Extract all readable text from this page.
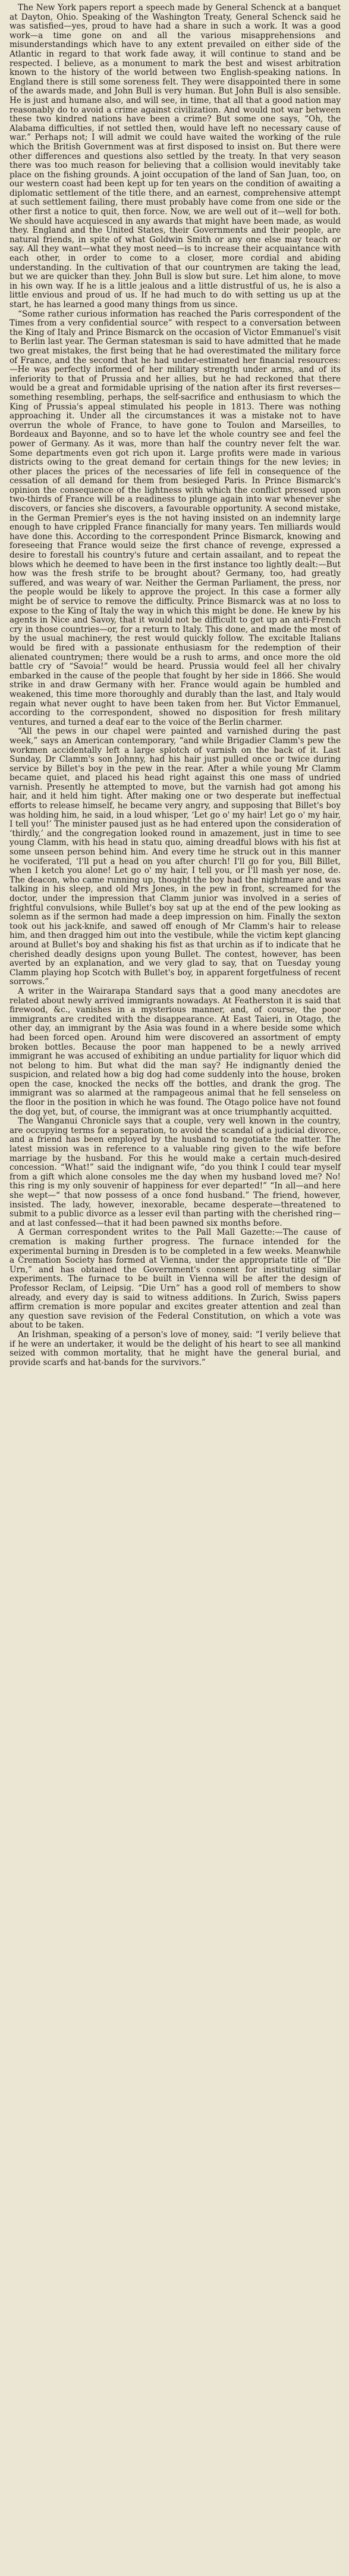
The New York papers report a speech made by General Schenck at a banquet at Dayton, Ohio. Speaking of the Washington Treaty, General Schenck said he was satisfied—yes, proud to have had a share in such a work. It was a good work—a time gone on and all the various misapprehensions and misunderstandings which have to any extent prevailed on either side of the Atlantic in regard to that work fade away, it will continue to stand and be respected. I believe, as a monument to mark the best and wisest arbitration known to the history of the world between two English-speaking nations. In England there is still some soreness felt. They were disappointed there in some of the awards made, and John Bull is very human. But John Bull is also sensible. He is just and humane also, and will see, in time, that all that a good nation may reasonably do to avoid a crime against civilization. And would not war between these two kindred nations have been a crime? But some one says, “Oh, the Alabama difficulties, if not settled then, would have left no necessary cause of war.” Perhaps not; I will admit we could have waited the working of the rule which the British Government was at first disposed to insist on. But there were other differences and questions also settled by the treaty. In that very season there was too much reason for believing that a collision would inevitably take place on the fishing grounds. A joint occupation of the land of San Juan, too, on our western coast had been kept up for ten years on the condition of awaiting a diplomatic settlement of the title there, and an earnest, comprehensive attempt at such settlement failing, there must probably have come from one side or the other first a notice to quit, then force. Now, we are well out of it—well for both. We should have acquiesced in any awards that might have been made, as would they. England and the United States, their Governments and their people, are natural friends, in spite of what Goldwin Smith or any one else may teach or say. All they want—what they most need—is to increase their acquaintance with each other, in order to come to a closer, more cordial and abiding understanding. In the cultivation of that our countrymen are taking the lead, but we are quicker than they. John Bull is slow but sure. Let him alone, to move in his own way. If he is a little jealous and a little distrustful of us, he is also a little envious and proud of us. If he had much to do with setting us up at the start, he has learned a good many things from us since.

“Some rather curious information has reached the Paris correspondent of the Times from a very confidential source” with respect to a conversation between the King of Italy and Prince Bismarck on the occasion of Victor Emmanuel's visit to Berlin last year. The German statesman is said to have admitted that he made two great mistakes, the first being that he had overestimated the military force of France, and the second that he had under-estimated her financial resources:—He was perfectly informed of her military strength under arms, and of its inferiority to that of Prussia and her allies, but he had reckoned that there would be a great and formidable uprising of the nation after its first reverses—something resembling, perhaps, the self-sacrifice and enthusiasm to which the King of Prussia's appeal stimulated his people in 1813. There was nothing approaching it. Under all the circumstances it was a mistake not to have overrun the whole of France, to have gone to Toulon and Marseilles, to Bordeaux and Bayonne, and so to have let the whole country see and feel the power of Germany. As it was, more than half the country never felt the war. Some departments even got rich upon it. Large profits were made in various districts owing to the great demand for certain things for the new levies; in other places the prices of the necessaries of life fell in consequence of the cessation of all demand for them from besieged Paris. In Prince Bismarck's opinion the consequence of the lightness with which the conflict pressed upon two-thirds of France will be a readiness to plunge again into war whenever she discovers, or fancies she discovers, a favourable opportunity. A second mistake, in the German Premier's eyes is the not having insisted on an indemnity large enough to have crippled France financially for many years. Ten milliards would have done this. According to the correspondent Prince Bismarck, knowing and foreseeing that France would seize the first chance of revenge, expressed a desire to forestall his country's future and certain assailant, and to repeat the blows which he deemed to have been in the first instance too lightly dealt:—But how was the fresh strife to be brought about? Germany, too, had greatly suffered, and was weary of war. Neither the German Parliament, the press, nor the people would be likely to approve the project. In this case a former ally might be of service to remove the difficulty. Prince Bismarck was at no loss to expose to the King of Italy the way in which this might be done. He knew by his agents in Nice and Savoy, that it would not be difficult to get up an anti-French cry in those countries—or, for a return to Italy. This done, and made the most of by the usual machinery, the rest would quickly follow. The excitable Italians would be fired with a passionate enthusiasm for the redemption of their alienated countrymen; there would be a rush to arms, and once more the old battle cry of “Savoia!” would be heard. Prussia would feel all her chivalry embarked in the cause of the people that fought by her side in 1866. She would strike in and draw Germany with her. France would again be humbled and weakened, this time more thoroughly and durably than the last, and Italy would regain what never ought to have been taken from her. But Victor Emmanuel, according to the correspondent, showed no disposition for fresh military ventures, and turned a deaf ear to the voice of the Berlin charmer.

“All the pews in our chapel were painted and varnished during the past week,” says an American contemporary, “and while Brigadier Clamm's pew the workmen accidentally left a large splotch of varnish on the back of it. Last Sunday, Dr Clamm's son Johnny, had his hair just pulled once or twice during service by Billet's boy in the pew in the rear. After a while young Mr Clamm became quiet, and placed his head right against this one mass of undried varnish. Presently he attempted to move, but the varnish had got among his hair, and it held him tight. After making one or two desperate but ineffectual efforts to release himself, he became very angry, and supposing that Billet's boy was holding him, he said, in a loud whisper, ‘Let go o' my hair! Let go o' my hair, I tell you!’ The minister paused just as he had entered upon the consideration of ‘thirdly,’ and the congregation looked round in amazement, just in time to see young Clamm, with his head in statu quo, aiming dreadful blows with his fist at some unseen person behind him. And every time he struck out in this manner he vociferated, ‘I'll put a head on you after church! I'll go for you, Bill Billet, when I ketch you alone! Let go o' my hair, I tell you, or I'll mash yer nose, de. The deacon, who came running up, thought the boy had the nightmare and was talking in his sleep, and old Mrs Jones, in the pew in front, screamed for the doctor, under the impression that Clamm junior was involved in a series of frightful convulsions, while Bullet's boy sat up at the end of the pew looking as solemn as if the sermon had made a deep impression on him. Finally the sexton took out his jack-knife, and sawed off enough of Mr Clamm's hair to release him, and then dragged him out into the vestibule, while the victim kept glancing around at Bullet's boy and shaking his fist as that urchin as if to indicate that he cherished deadly designs upon young Bullet. The contest, however, has been averted by an explanation, and we very glad to say, that on Tuesday young Clamm playing hop Scotch with Bullet's boy, in apparent forgetfulness of recent sorrows.”

A writer in the Wairarapa Standard says that a good many anecdotes are related about newly arrived immigrants nowadays. At Featherston it is said that firewood, &c., vanishes in a mysterious manner, and, of course, the poor immigrants are credited with the disappearance. At East Taieri, in Otago, the other day, an immigrant by the Asia was found in a where beside some which had been forced open. Around him were discovered an assortment of empty broken bottles. Because the poor man happened to be a newly arrived immigrant he was accused of exhibiting an undue partiality for liquor which did not belong to him. But what did the man say? He indignantly denied the suspicion, and related how a big dog had come suddenly into the house, broken open the case, knocked the necks off the bottles, and drank the grog. The immigrant was so alarmed at the rampageous animal that he fell senseless on the floor in the position in which he was found. The Otago police have not found the dog yet, but, of course, the immigrant was at once triumphantly acquitted.

The Wanganui Chronicle says that a couple, very well known in the country, are occupying terms for a separation, to avoid the scandal of a judicial divorce, and a friend has been employed by the husband to negotiate the matter. The latest mission was in reference to a valuable ring given to the wife before marriage by the husband. For this he would make a certain much-desired concession. “What!” said the indignant wife, “do you think I could tear myself from a gift which alone consoles me the day when my husband loved me? No! this ring is my only souvenir of happiness for ever departed!” “In all—and here she wept—“ that now possess of a once fond husband.” The friend, however, insisted. The lady, however, inexorable, became desperate—threatened to submit to a public divorce as a lesser evil than parting with the cherished ring—and at last confessed—that it had been pawned six months before.

A German correspondent writes to the Pall Mall Gazette:—The cause of cremation is making further progress. The furnace intended for the experimental burning in Dresden is to be completed in a few weeks. Meanwhile a Cremation Society has formed at Vienna, under the appropriate title of “Die Urn,” and has obtained the Government's consent for instituting similar experiments. The furnace to be built in Vienna will be after the design of Professor Reclam, of Leipsig. “Die Urn” has a good roll of members to show already, and every day is said to witness additions. In Zurich, Swiss papers affirm cremation is more popular and excites greater attention and zeal than any question save revision of the Federal Constitution, on which a vote was about to be taken.

An Irishman, speaking of a person's love of money, said: “I verily believe that if he were an undertaker, it would be the delight of his heart to see all mankind seized with common mortality, that he might have the general burial, and provide scarfs and hat-bands for the survivors.”
